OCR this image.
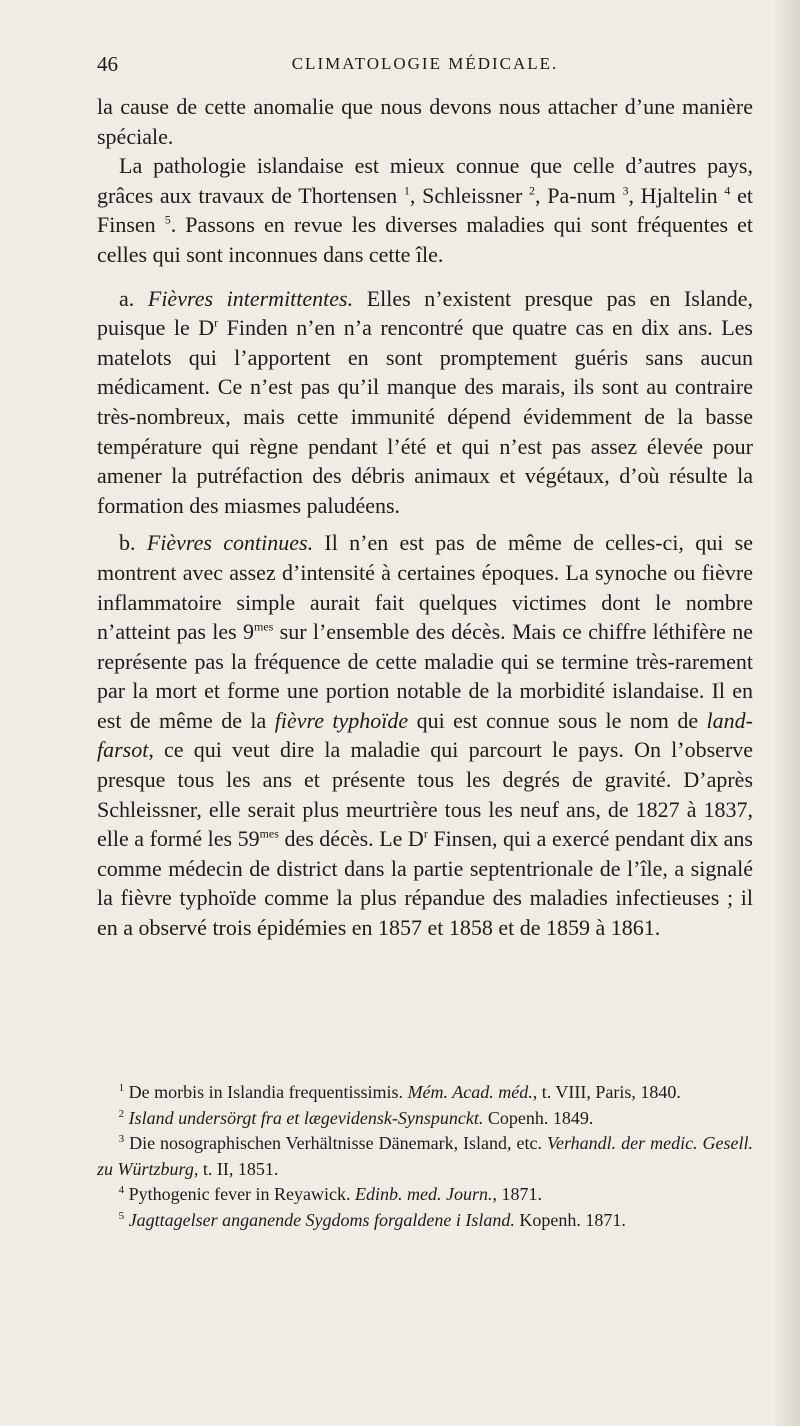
46	CLIMATOLOGIE MÉDICALE.

la cause de cette anomalie que nous devons nous attacher d’une manière spéciale.

La pathologie islandaise est mieux connue que celle d’autres pays, grâces aux travaux de Thortensen $^1$, Schleissner $^2$, Pa-num $^3$, Hjaltelin $^4$ et Finsen $^5$. Passons en revue les diverses maladies qui sont fréquentes et celles qui sont inconnues dans cette île.

a. Fièvres intermittentes. Elles n’existent presque pas en Islande, puisque le $D^r$ Finden n’en n’a rencontré que quatre cas en dix ans. Les matelots qui l’apportent en sont promptement guéris sans aucun médicament. Ce n’est pas qu’il manque des marais, ils sont au contraire très-nombreux, mais cette immunité dépend évidemment de la basse température qui règne pendant l’été et qui n’est pas assez élevée pour amener la putréfaction des débris animaux et végétaux, d’où résulte la formation des miasmes paludéens.

b. Fièvres continues. Il n’en est pas de même de celles-ci, qui se montrent avec assez d’intensité à certaines époques. La synoche ou fièvre inflammatoire simple aurait fait quelques victimes dont le nombre n’atteint pas les $9^{mes}$ sur l’ensemble des décès. Mais ce chiffre léthifère ne représente pas la fréquence de cette maladie qui se termine très-rarement par la mort et forme une portion notable de la morbidité islandaise. Il en est de même de la fièvre typhoïde qui est connue sous le nom de land-farsot, ce qui veut dire la maladie qui parcourt le pays. On l’observe presque tous les ans et présente tous les degrés de gravité. D’après Schleissner, elle serait plus meurtrière tous les neuf ans, de 1827 à 1837, elle a formé les $59^{mes}$ des décès. Le $D^r$ Finsen, qui a exercé pendant dix ans comme médecin de district dans la partie septentrionale de l’île, a signalé la fièvre typhoïde comme la plus répandue des maladies infectieuses ; il en a observé trois épidémies en 1857 et 1858 et de 1859 à 1861.

$^1$ De morbis in Islandia frequentissimis. Mém. Acad. méd., t. VIII, Paris, 1840.

$^2$ Island undersörgt fra et lægevidensk-Synspunckt. Copenh. 1849.

$^3$ Die nosographischen Verhältnisse Dänemark, Island, etc. Verhandl. der medic. Gesell. zu Würtzburg, t. II, 1851.

$^4$ Pythogenic fever in Reyawick. Edinb. med. Journ., 1871.

$^5$ Jagttagelser anganende Sygdoms forgaldene i Island. Kopenh. 1871.
